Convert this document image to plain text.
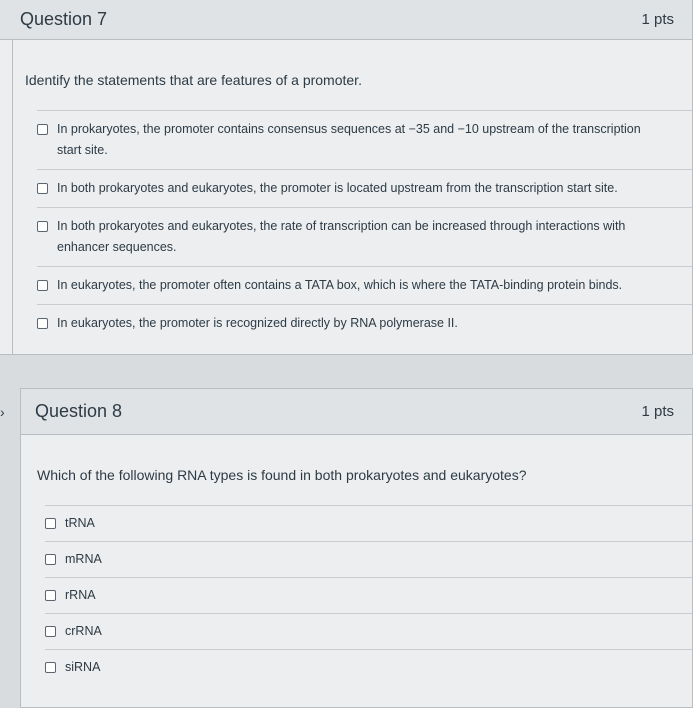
Question 7	1 pts
Identify the statements that are features of a promoter.
In prokaryotes, the promoter contains consensus sequences at −35 and −10 upstream of the transcription start site.
In both prokaryotes and eukaryotes, the promoter is located upstream from the transcription start site.
In both prokaryotes and eukaryotes, the rate of transcription can be increased through interactions with enhancer sequences.
In eukaryotes, the promoter often contains a TATA box, which is where the TATA-binding protein binds.
In eukaryotes, the promoter is recognized directly by RNA polymerase II.
› Question 8	1 pts
Which of the following RNA types is found in both prokaryotes and eukaryotes?
tRNA
mRNA
rRNA
crRNA
siRNA
